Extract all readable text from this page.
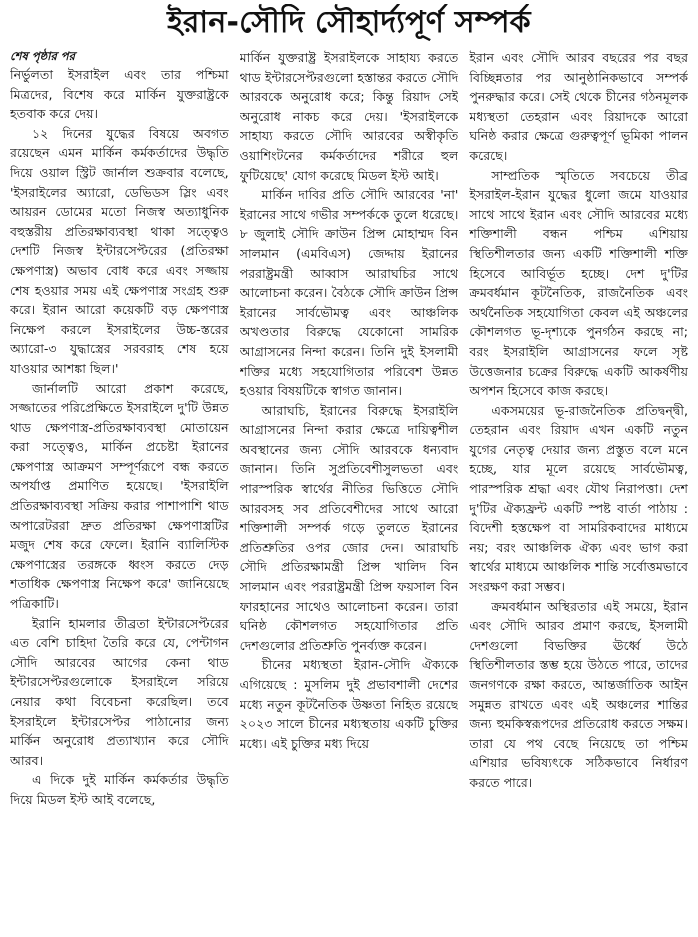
ইরান-সৌদি সৌহার্দ্যপূর্ণ সম্পর্ক
শেষ পৃষ্ঠার পর

নির্ভুলতা ইসরাইল এবং তার পশ্চিমা মিত্রদের, বিশেষ করে মার্কিন যুক্তরাষ্ট্রকে হতবাক করে দেয়।

১২ দিনের যুদ্ধের বিষয়ে অবগত রয়েছেন এমন মার্কিন কর্মকর্তাদের উদ্ধৃতি দিয়ে ওয়াল স্ট্রিট জার্নাল শুক্রবার বলেছে, 'ইসরাইলের অ্যারো, ডেভিডস স্লিং এবং আয়রন ডোমের মতো নিজস্ব অত্যাধুনিক বহুস্তরীয় প্রতিরক্ষাব্যবস্থা থাকা সত্ত্বেও দেশটি নিজস্ব ইন্টারসেপ্টরের (প্রতিরক্ষা ক্ষেপণাস্ত্র) অভাব বোধ করে এবং সজ্জায় শেষ হওয়ার সময় এই ক্ষেপণাস্ত্র সংগ্রহ শুরু করে। ইরান আরো কয়েকটি বড় ক্ষেপণাস্ত্র নিক্ষেপ করলে ইসরাইলের উচ্চ-স্তরের অ্যারো-৩ যুদ্ধাস্ত্রের সরবরাহ শেষ হয়ে যাওয়ার আশঙ্কা ছিল।'

জার্নালটি আরো প্রকাশ করেছে, সজ্জাতের পরিপ্রেক্ষিতে ইসরাইলে দু'টি উন্নত থাড ক্ষেপণাস্ত্র-প্রতিরক্ষাব্যবস্থা মোতায়েন করা সত্ত্বেও, মার্কিন প্রচেষ্টা ইরানের ক্ষেপণাস্ত্র আক্রমণ সম্পূর্ণরূপে বন্ধ করতে অপর্যাপ্ত প্রমাণিত হয়েছে। 'ইসরাইলি প্রতিরক্ষাব্যবস্থা সক্রিয় করার পাশাপাশি থাড অপারেটররা দ্রুত প্রতিরক্ষা ক্ষেপণাস্ত্রটির মজুদ শেষ করে ফেলে। ইরানি ব্যালিস্টিক ক্ষেপণাস্ত্রের তরঙ্গকে ধ্বংস করতে দেড় শতাধিক ক্ষেপণাস্ত্র নিক্ষেপ করে' জানিয়েছে পত্রিকাটি।

ইরানি হামলার তীব্রতা ইন্টারসেপ্টরের এত বেশি চাহিদা তৈরি করে যে, পেন্টাগন সৌদি আরবের আগের কেনা থাড ইন্টারসেপ্টরগুলোকে ইসরাইলে সরিয়ে নেয়ার কথা বিবেচনা করেছিল। তবে ইসরাইলে ইন্টারসেপ্টর পাঠানোর জন্য মার্কিন অনুরোধ প্রত্যাখ্যান করে সৌদি আরব।

এ দিকে দুই মার্কিন কর্মকর্তার উদ্ধৃতি দিয়ে মিডল ইস্ট আই বলেছে,

মার্কিন যুক্তরাষ্ট্র ইসরাইলকে সাহায্য করতে থাড ইন্টারসেপ্টরগুলো হস্তান্তর করতে সৌদি আরবকে অনুরোধ করে; কিন্তু রিয়াদ সেই অনুরোধ নাকচ করে দেয়। 'ইসরাইলকে সাহায্য করতে সৌদি আরবের অস্বীকৃতি ওয়াশিংটনের কর্মকর্তাদের শরীরে হুল ফুটিয়েছে' যোগ করেছে মিডল ইস্ট আই।

মার্কিন দাবির প্রতি সৌদি আরবের 'না' ইরানের সাথে গভীর সম্পর্ককে তুলে ধরেছে। ৮ জুলাই সৌদি ক্রাউন প্রিন্স মোহাম্মদ বিন সালমান (এমবিএস) জেদ্দায় ইরানের পররাষ্ট্রমন্ত্রী আব্বাস আরাঘচির সাথে আলোচনা করেন। বৈঠকে সৌদি ক্রাউন প্রিন্স ইরানের সার্বভৌমত্ব এবং আঞ্চলিক অখণ্ডতার বিরুদ্ধে যেকোনো সামরিক আগ্রাসনের নিন্দা করেন। তিনি দুই ইসলামী শক্তির মধ্যে সহযোগিতার পরিবেশ উন্নত হওয়ার বিষয়টিকে স্বাগত জানান।

আরাঘচি, ইরানের বিরুদ্ধে ইসরাইলি আগ্রাসনের নিন্দা করার ক্ষেত্রে দায়িত্বশীল অবস্থানের জন্য সৌদি আরবকে ধন্যবাদ জানান। তিনি সুপ্রতিবেশীসুলভতা এবং পারস্পরিক স্বার্থের নীতির ভিত্তিতে সৌদি আরবসহ সব প্রতিবেশীদের সাথে আরো শক্তিশালী সম্পর্ক গড়ে তুলতে ইরানের প্রতিশ্রুতির ওপর জোর দেন। আরাঘচি সৌদি প্রতিরক্ষামন্ত্রী প্রিন্স খালিদ বিন সালমান এবং পররাষ্ট্রমন্ত্রী প্রিন্স ফয়সাল বিন ফারহানের সাথেও আলোচনা করেন। তারা ঘনিষ্ঠ কৌশলগত সহযোগিতার প্রতি দেশগুলোর প্রতিশ্রুতি পুনর্ব্যক্ত করেন।

চীনের মধ্যস্থতা ইরান-সৌদি ঐক্যকে এগিয়েছে : মুসলিম দুই প্রভাবশালী দেশের মধ্যে নতুন কূটনৈতিক উষ্ণতা নিহিত রয়েছে ২০২৩ সালে চীনের মধ্যস্থতায় একটি চুক্তির মধ্যে। এই চুক্তির মধ্য দিয়ে

ইরান এবং সৌদি আরব বছরের পর বছর বিচ্ছিন্নতার পর আনুষ্ঠানিকভাবে সম্পর্ক পুনরুদ্ধার করে। সেই থেকে চীনের গঠনমূলক মধ্যস্থতা তেহরান এবং রিয়াদকে আরো ঘনিষ্ঠ করার ক্ষেত্রে গুরুত্বপূর্ণ ভূমিকা পালন করেছে।

সাম্প্রতিক স্মৃতিতে সবচেয়ে তীব্র ইসরাইল-ইরান যুদ্ধের ধুলো জমে যাওয়ার সাথে সাথে ইরান এবং সৌদি আরবের মধ্যে শক্তিশালী বন্ধন পশ্চিম এশিয়ায় স্থিতিশীলতার জন্য একটি শক্তিশালী শক্তি হিসেবে আবির্ভূত হচ্ছে। দেশ দু'টির ক্রমবর্ধমান কূটনৈতিক, রাজনৈতিক এবং অর্থনৈতিক সহযোগিতা কেবল এই অঞ্চলের কৌশলগত ভূ-দৃশ্যকে পুনর্গঠন করছে না; বরং ইসরাইলি আগ্রাসনের ফলে সৃষ্ট উত্তেজনার চক্রের বিরুদ্ধে একটি আকর্ষণীয় অপশন হিসেবে কাজ করছে।

একসময়ের ভূ-রাজনৈতিক প্রতিদ্বন্দ্বী, তেহরান এবং রিয়াদ এখন একটি নতুন যুগের নেতৃত্ব দেয়ার জন্য প্রস্তুত বলে মনে হচ্ছে, যার মূলে রয়েছে সার্বভৌমত্ব, পারস্পরিক শ্রদ্ধা এবং যৌথ নিরাপত্তা। দেশ দু'টির ঐক্যফ্রন্ট একটি স্পষ্ট বার্তা পাঠায় : বিদেশী হস্তক্ষেপ বা সামরিকবাদের মাধ্যমে নয়; বরং আঞ্চলিক ঐক্য এবং ভাগ করা স্বার্থের মাধ্যমে আঞ্চলিক শান্তি সর্বোত্তমভাবে সংরক্ষণ করা সম্ভব।

ক্রমবর্ধমান অস্থিরতার এই সময়ে, ইরান এবং সৌদি আরব প্রমাণ করছে, ইসলামী দেশগুলো বিভক্তির ঊর্ধ্বে উঠে স্থিতিশীলতার স্তম্ভ হয়ে উঠতে পারে, তাদের জনগণকে রক্ষা করতে, আন্তর্জাতিক আইন সমুন্নত রাখতে এবং এই অঞ্চলের শান্তির জন্য হুমকিস্বরূপদের প্রতিরোধ করতে সক্ষম। তারা যে পথ বেছে নিয়েছে তা পশ্চিম এশিয়ার ভবিষ্যৎকে সঠিকভাবে নির্ধারণ করতে পারে।
